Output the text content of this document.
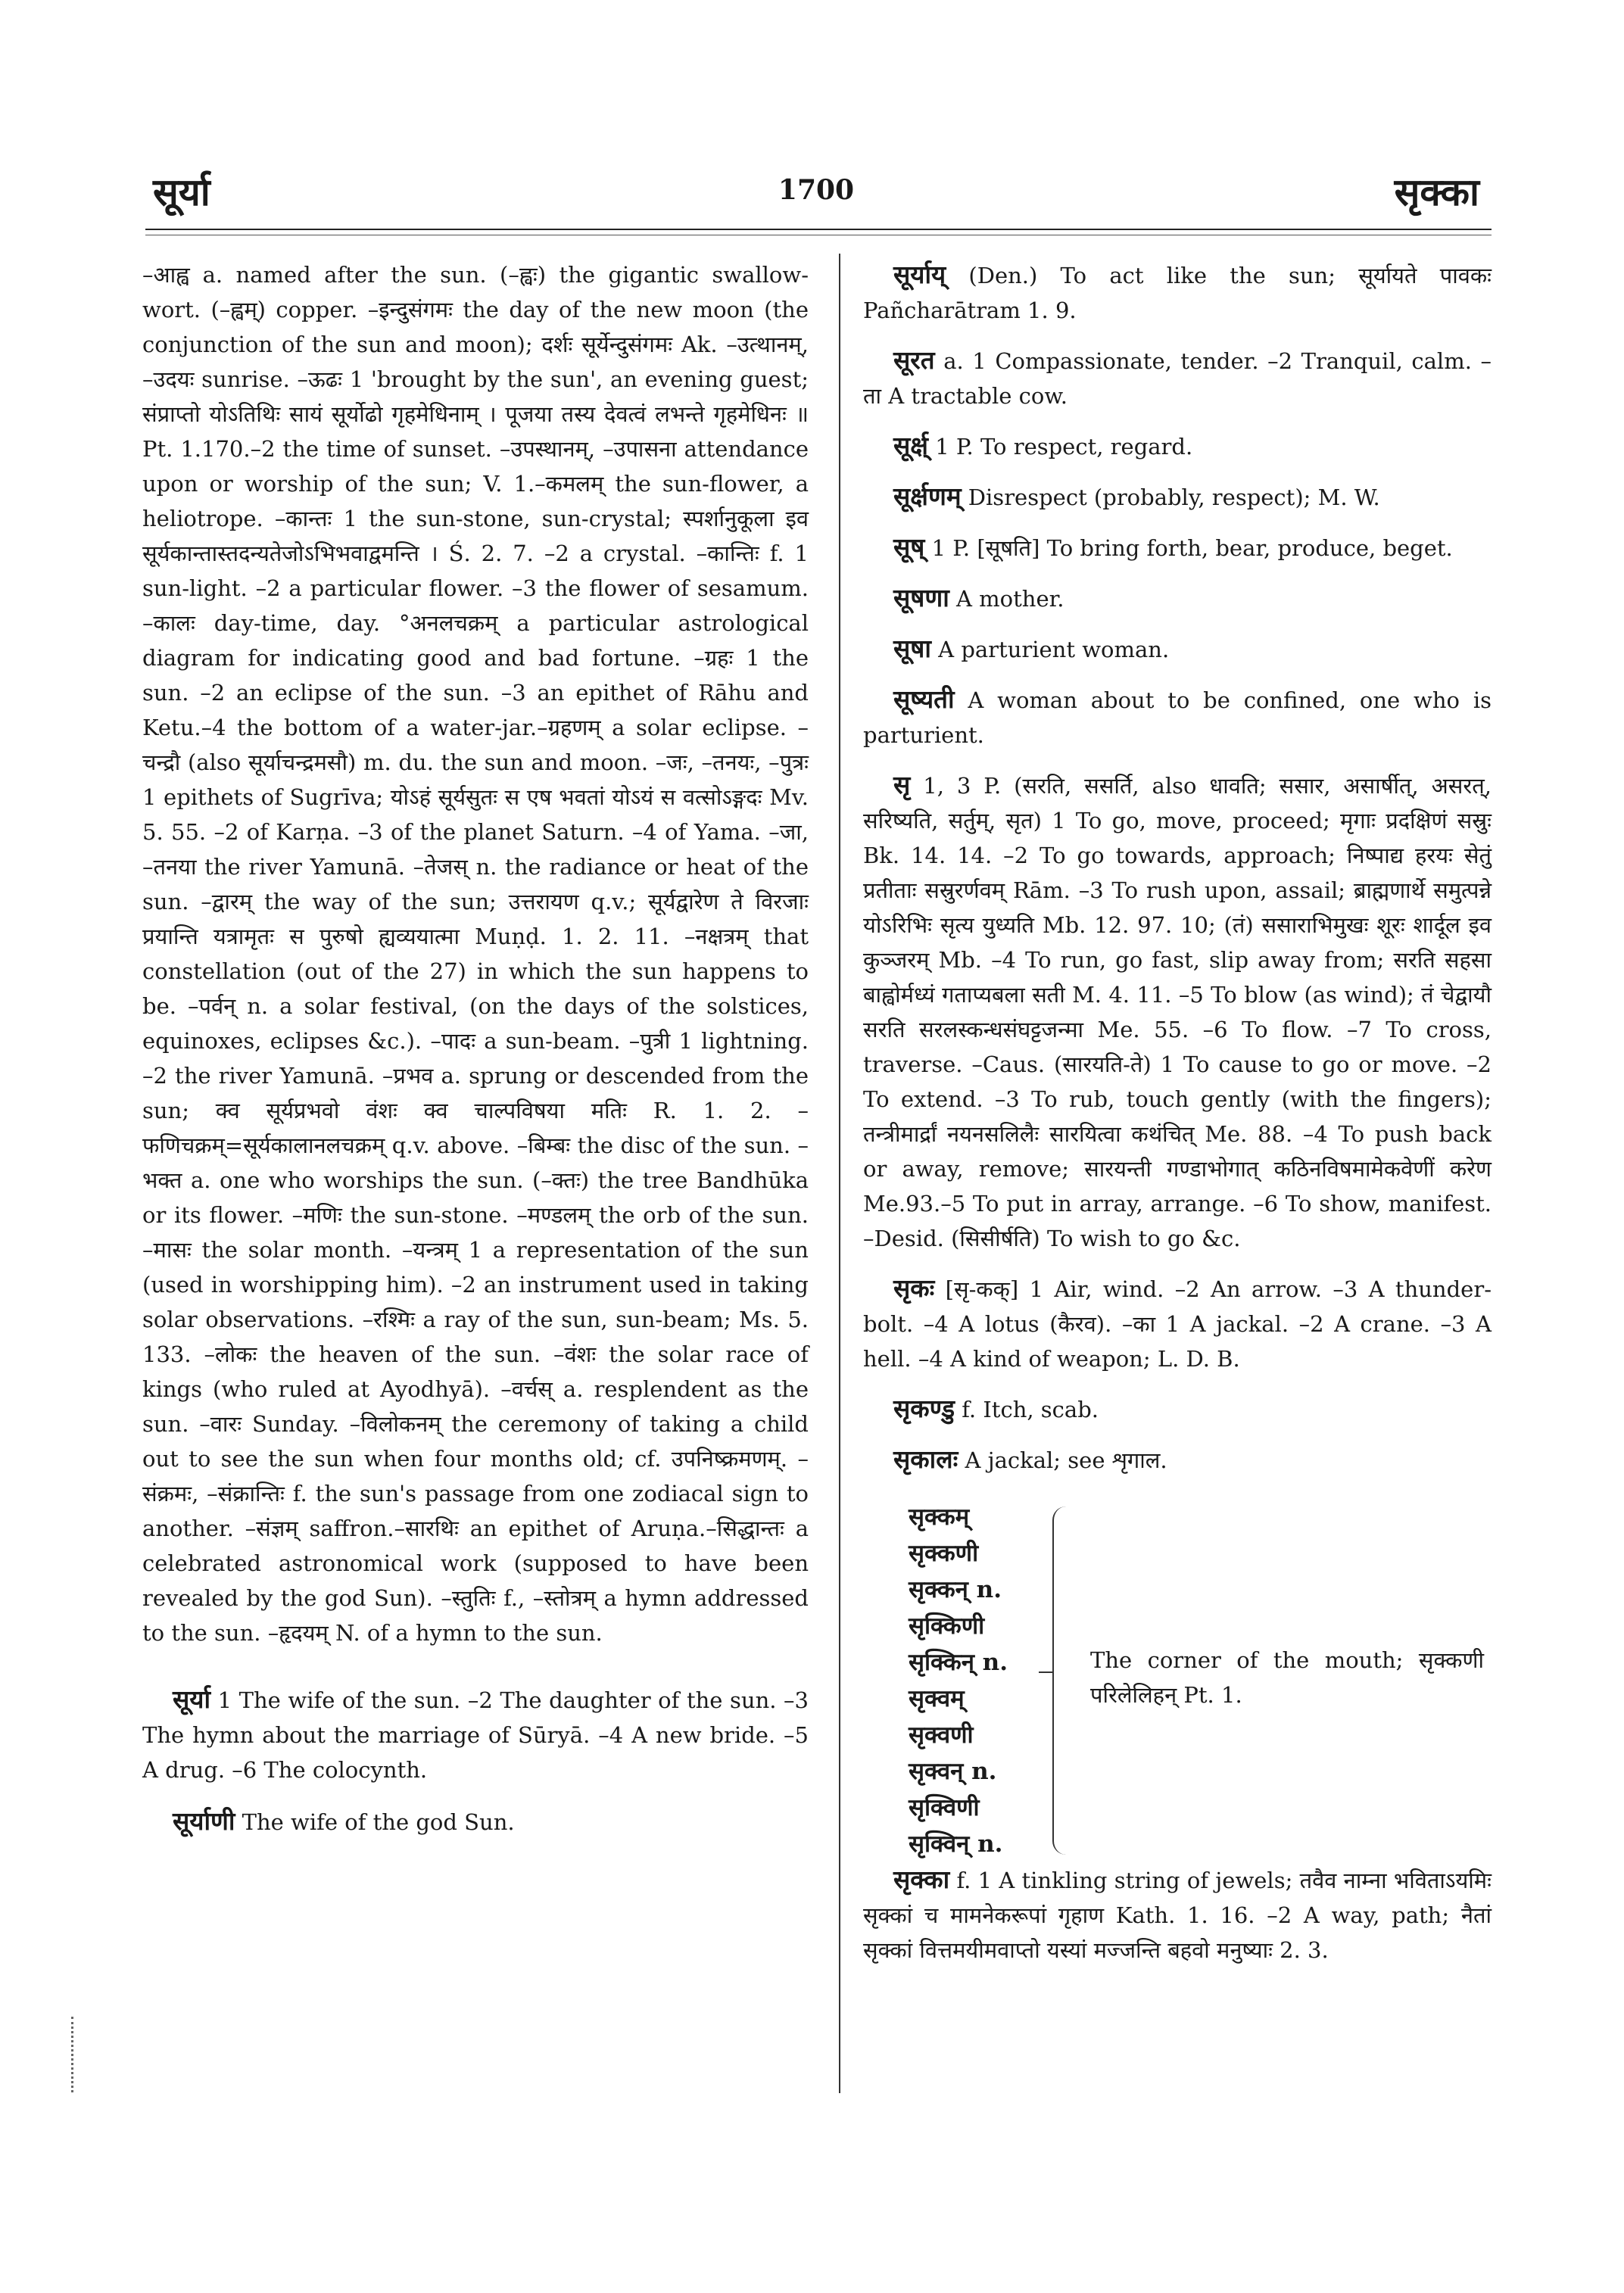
सूर्या	1700	सृक्का

–आह्व a. named after the sun. (–ह्वः) the gigantic swallow-wort. (–ह्वम्) copper. –इन्दुसंगमः the day of the new moon (the conjunction of the sun and moon); दर्शः सूर्येन्दुसंगमः Ak. –उत्थानम्, –उदयः sunrise. –ऊढः 1 'brought by the sun', an evening guest; संप्राप्तो योऽतिथिः सायं सूर्योढो गृहमेधिनाम् । पूजया तस्य देवत्वं लभन्ते गृहमेधिनः ॥ Pt. 1.170.–2 the time of sunset. –उपस्थानम्, –उपासना attendance upon or worship of the sun; V. 1.–कमलम् the sun-flower, a heliotrope. –कान्तः 1 the sun-stone, sun-crystal; स्पर्शानुकूला इव सूर्यकान्तास्तदन्यतेजोऽभिभवाद्वमन्ति । Ś. 2. 7. –2 a crystal. –कान्तिः f. 1 sun-light. –2 a particular flower. –3 the flower of sesamum. –कालः day-time, day. °अनलचक्रम् a particular astrological diagram for indicating good and bad fortune. –ग्रहः 1 the sun. –2 an eclipse of the sun. –3 an epithet of Rāhu and Ketu.–4 the bottom of a water-jar.–ग्रहणम् a solar eclipse. –चन्द्रौ (also सूर्याचन्द्रमसौ) m. du. the sun and moon. –जः, –तनयः, –पुत्रः 1 epithets of Sugrīva; योऽहं सूर्यसुतः स एष भवतां योऽयं स वत्सोऽङ्गदः Mv. 5. 55. –2 of Karṇa. –3 of the planet Saturn. –4 of Yama. –जा, –तनया the river Yamunā. –तेजस् n. the radiance or heat of the sun. –द्वारम् the way of the sun; उत्तरायण q.v.; सूर्यद्वारेण ते विरजाः प्रयान्ति यत्रामृतः स पुरुषो ह्यव्ययात्मा Muṇḍ. 1. 2. 11. –नक्षत्रम् that constellation (out of the 27) in which the sun happens to be. –पर्वन् n. a solar festival, (on the days of the solstices, equinoxes, eclipses &c.). –पादः a sun-beam. –पुत्री 1 lightning. –2 the river Yamunā. –प्रभव a. sprung or descended from the sun; क्व सूर्यप्रभवो वंशः क्व चाल्पविषया मतिः R. 1. 2. –फणिचक्रम्=सूर्यकालानलचक्रम् q.v. above. –बिम्बः the disc of the sun. –भक्त a. one who worships the sun. (–क्तः) the tree Bandhūka or its flower. –मणिः the sun-stone. –मण्डलम् the orb of the sun. –मासः the solar month. –यन्त्रम् 1 a representation of the sun (used in worshipping him). –2 an instrument used in taking solar observations. –रश्मिः a ray of the sun, sun-beam; Ms. 5. 133. –लोकः the heaven of the sun. –वंशः the solar race of kings (who ruled at Ayodhyā). –वर्चस् a. resplendent as the sun. –वारः Sunday. –विलोकनम् the ceremony of taking a child out to see the sun when four months old; cf. उपनिष्क्रमणम्. –संक्रमः, –संक्रान्तिः f. the sun's passage from one zodiacal sign to another. –संज्ञम् saffron.–सारथिः an epithet of Aruṇa.–सिद्धान्तः a celebrated astronomical work (supposed to have been revealed by the god Sun). –स्तुतिः f., –स्तोत्रम् a hymn addressed to the sun. –हृदयम् N. of a hymn to the sun.

सूर्या 1 The wife of the sun. –2 The daughter of the sun. –3 The hymn about the marriage of Sūryā. –4 A new bride. –5 A drug. –6 The colocynth.

सूर्याणी The wife of the god Sun.

सूर्याय् (Den.) To act like the sun; सूर्यायते पावकः Pañcharātram 1. 9.

सूरत a. 1 Compassionate, tender. –2 Tranquil, calm. –ता A tractable cow.

सूर्क्ष् 1 P. To respect, regard.

सूर्क्षणम् Disrespect (probably, respect); M. W.

सूष् 1 P. [सूषति] To bring forth, bear, produce, beget.

सूषणा A mother.

सूषा A parturient woman.

सूष्यती A woman about to be confined, one who is parturient.

सृ 1, 3 P. (सरति, ससर्ति, also धावति; ससार, असार्षीत्, असरत्, सरिष्यति, सर्तुम्, सृत) 1 To go, move, proceed; मृगाः प्रदक्षिणं सस्रुः Bk. 14. 14. –2 To go towards, approach; निष्पाद्य हरयः सेतुं प्रतीताः सस्रुरर्णवम् Rām. –3 To rush upon, assail; ब्राह्मणार्थे समुत्पन्ने योऽरिभिः सृत्य युध्यति Mb. 12. 97. 10; (तं) ससाराभिमुखः शूरः शार्दूल इव कुञ्जरम् Mb. –4 To run, go fast, slip away from; सरति सहसा बाह्वोर्मध्यं गताप्यबला सती M. 4. 11. –5 To blow (as wind); तं चेद्वायौ सरति सरलस्कन्धसंघट्टजन्मा Me. 55. –6 To flow. –7 To cross, traverse. –Caus. (सारयति-ते) 1 To cause to go or move. –2 To extend. –3 To rub, touch gently (with the fingers); तन्त्रीमार्द्रां नयनसलिलैः सारयित्वा कथंचित् Me. 88. –4 To push back or away, remove; सारयन्ती गण्डाभोगात् कठिनविषमामेकवेणीं करेण Me.93.–5 To put in array, arrange. –6 To show, manifest. –Desid. (सिसीर्षति) To wish to go &c.

सृकः [सृ-कक्] 1 Air, wind. –2 An arrow. –3 A thunder-bolt. –4 A lotus (कैरव). –का 1 A jackal. –2 A crane. –3 A hell. –4 A kind of weapon; L. D. B.

सृकण्डु f. Itch, scab.

सृकालः A jackal; see शृगाल.

सृक्कम्
सृक्कणी
सृक्कन् n.
सृक्किणी
सृक्किन् n.
सृक्वम्
सृक्वणी
सृक्वन् n.
सृक्विणी
सृक्विन् n.
The corner of the mouth; सृक्कणी परिलेलिहन् Pt. 1.

सृक्का f. 1 A tinkling string of jewels; तवैव नाम्ना भविताऽयमिः सृक्कां च मामनेकरूपां गृहाण Kath. 1. 16. –2 A way, path; नैतां सृक्कां वित्तमयीमवाप्तो यस्यां मज्जन्ति बहवो मनुष्याः 2. 3.
